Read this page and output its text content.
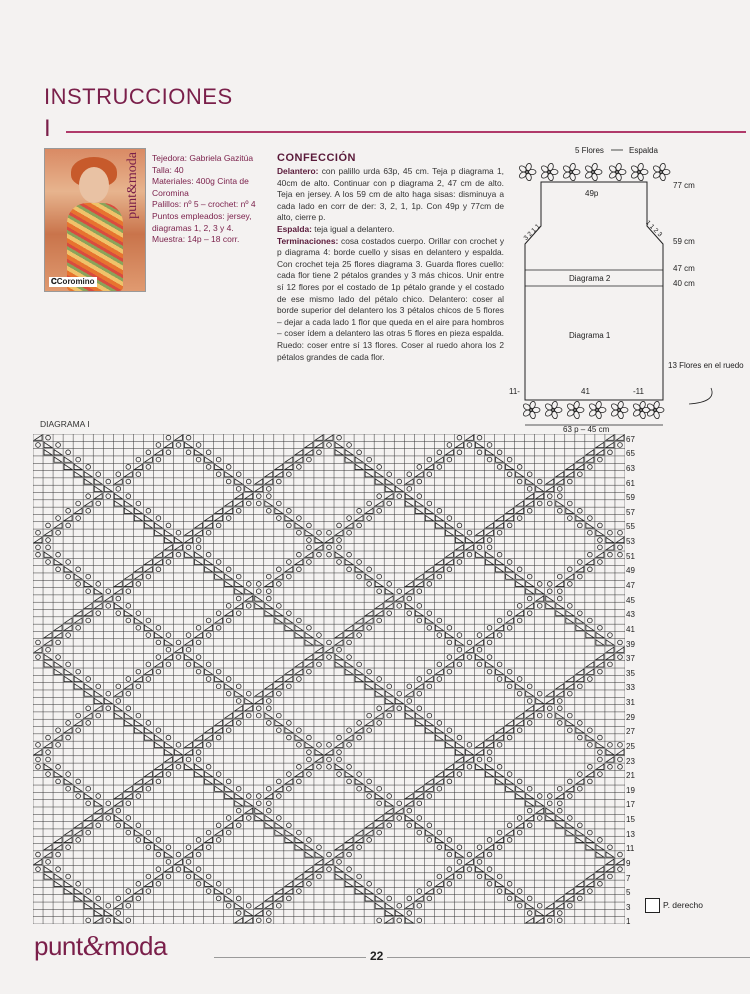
INSTRUCCIONES
I
𝐂Coromino
punt&moda Tejedora: Gabriela Gazitúa
Talla: 40
Materiales: 400g Cinta de Coromina
Palillos: nº 5 – crochet: nº 4
Puntos empleados: jersey, diagramas 1, 2, 3 y 4.
Muestra: 14p – 18 corr.
CONFECCIÓN
Delantero: con palillo urda 63p, 45 cm. Teja p diagrama 1, 40cm de alto. Continuar con p diagrama 2, 47 cm de alto. Teja en jersey. A los 59 cm de alto haga sisas: disminuya a cada lado en corr de der: 3, 2, 1, 1p. Con 49p y 77cm de alto, cierre p.
Espalda: teja igual a delantero.
Terminaciones: cosa costados cuerpo. Orillar con crochet y p diagrama 4: borde cuello y sisas en delantero y espalda. Con crochet teja 25 flores diagrama 3. Guarda flores cuello: cada flor tiene 2 pétalos grandes y 3 más chicos. Unir entre sí 12 flores por el costado de 1p pétalo grande y el costado de ese mismo lado del pétalo chico. Delantero: coser al borde superior del delantero los 3 pétalos chicos de 5 flores – dejar a cada lado 1 flor que queda en el aire para hombros – coser ídem a delantero las otras 5 flores en pieza espalda. Ruedo: coser entre sí 13 flores. Coser al ruedo ahora los 2 pétalos grandes de cada flor.
5 Flores	Espalda
49p
77 cm
59 cm
47 cm
40 cm
3 2 1 1	1 1 2 3
Diagrama 2
Diagrama 1
13 Flores en el ruedo
11-	41	-11
63 p – 45 cm
DIAGRAMA I
67
65
63
61
59
57
55
53
51
49
47
45
43
41
39
37
35
33
31
29
27
25
23
21
19
17
15
13
11
9
7
5
3
1
P. derecho
punt&moda	22
